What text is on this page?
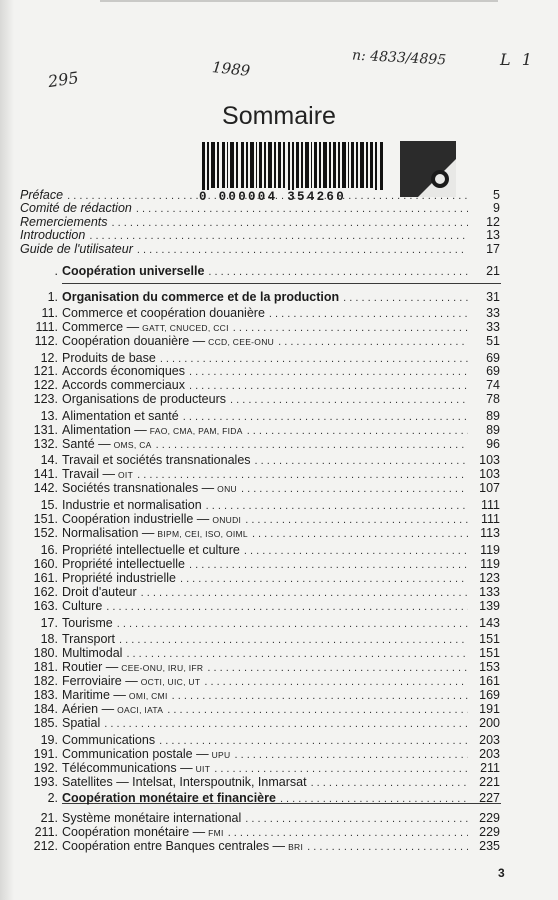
295	1989
n: 4833/4895	L 1
Sommaire
0 000004 354260
Préface . . .	5
Comité de rédaction . . .	9
Remerciements . . .	12
Introduction . . .	13
Guide de l'utilisateur . . .	17
. Coopération universelle . . .	21
1. Organisation du commerce et de la production . . .	31
11. Commerce et coopération douanière . . .	33
111. Commerce — GATT, CNUCED, CCI . . .	33
112. Coopération douanière — CCD, CEE-ONU . . .	51
12. Produits de base . . .	69
121. Accords économiques . . .	69
122. Accords commerciaux . . .	74
123. Organisations de producteurs . . .	78
13. Alimentation et santé . . .	89
131. Alimentation — FAO, CMA, PAM, FIDA . . .	89
132. Santé — OMS, CA . . .	96
14. Travail et sociétés transnationales . . .	103
141. Travail — OIT . . .	103
142. Sociétés transnationales — ONU . . .	107
15. Industrie et normalisation . . .	111
151. Coopération industrielle — ONUDI . . .	111
152. Normalisation — BIPM, CEI, ISO, OIML . . .	113
16. Propriété intellectuelle et culture . . .	119
160. Propriété intellectuelle . . .	119
161. Propriété industrielle . . .	123
162. Droit d'auteur . . .	133
163. Culture . . .	139
17. Tourisme . . .	143
18. Transport . . .	151
180. Multimodal . . .	151
181. Routier — CEE-ONU, IRU, IFR . . .	153
182. Ferroviaire — OCTI, UIC, UT . . .	161
183. Maritime — OMI, CMI . . .	169
184. Aérien — OACI, IATA . . .	191
185. Spatial . . .	200
19. Communications . . .	203
191. Communication postale — UPU . . .	203
192. Télécommunications — UIT . . .	211
193. Satellites — Intelsat, Interspoutnik, Inmarsat . . .	221
2. Coopération monétaire et financière . . .	227
21. Système monétaire international . . .	229
211. Coopération monétaire — FMI . . .	229
212. Coopération entre Banques centrales — BRI . . .	235
3
